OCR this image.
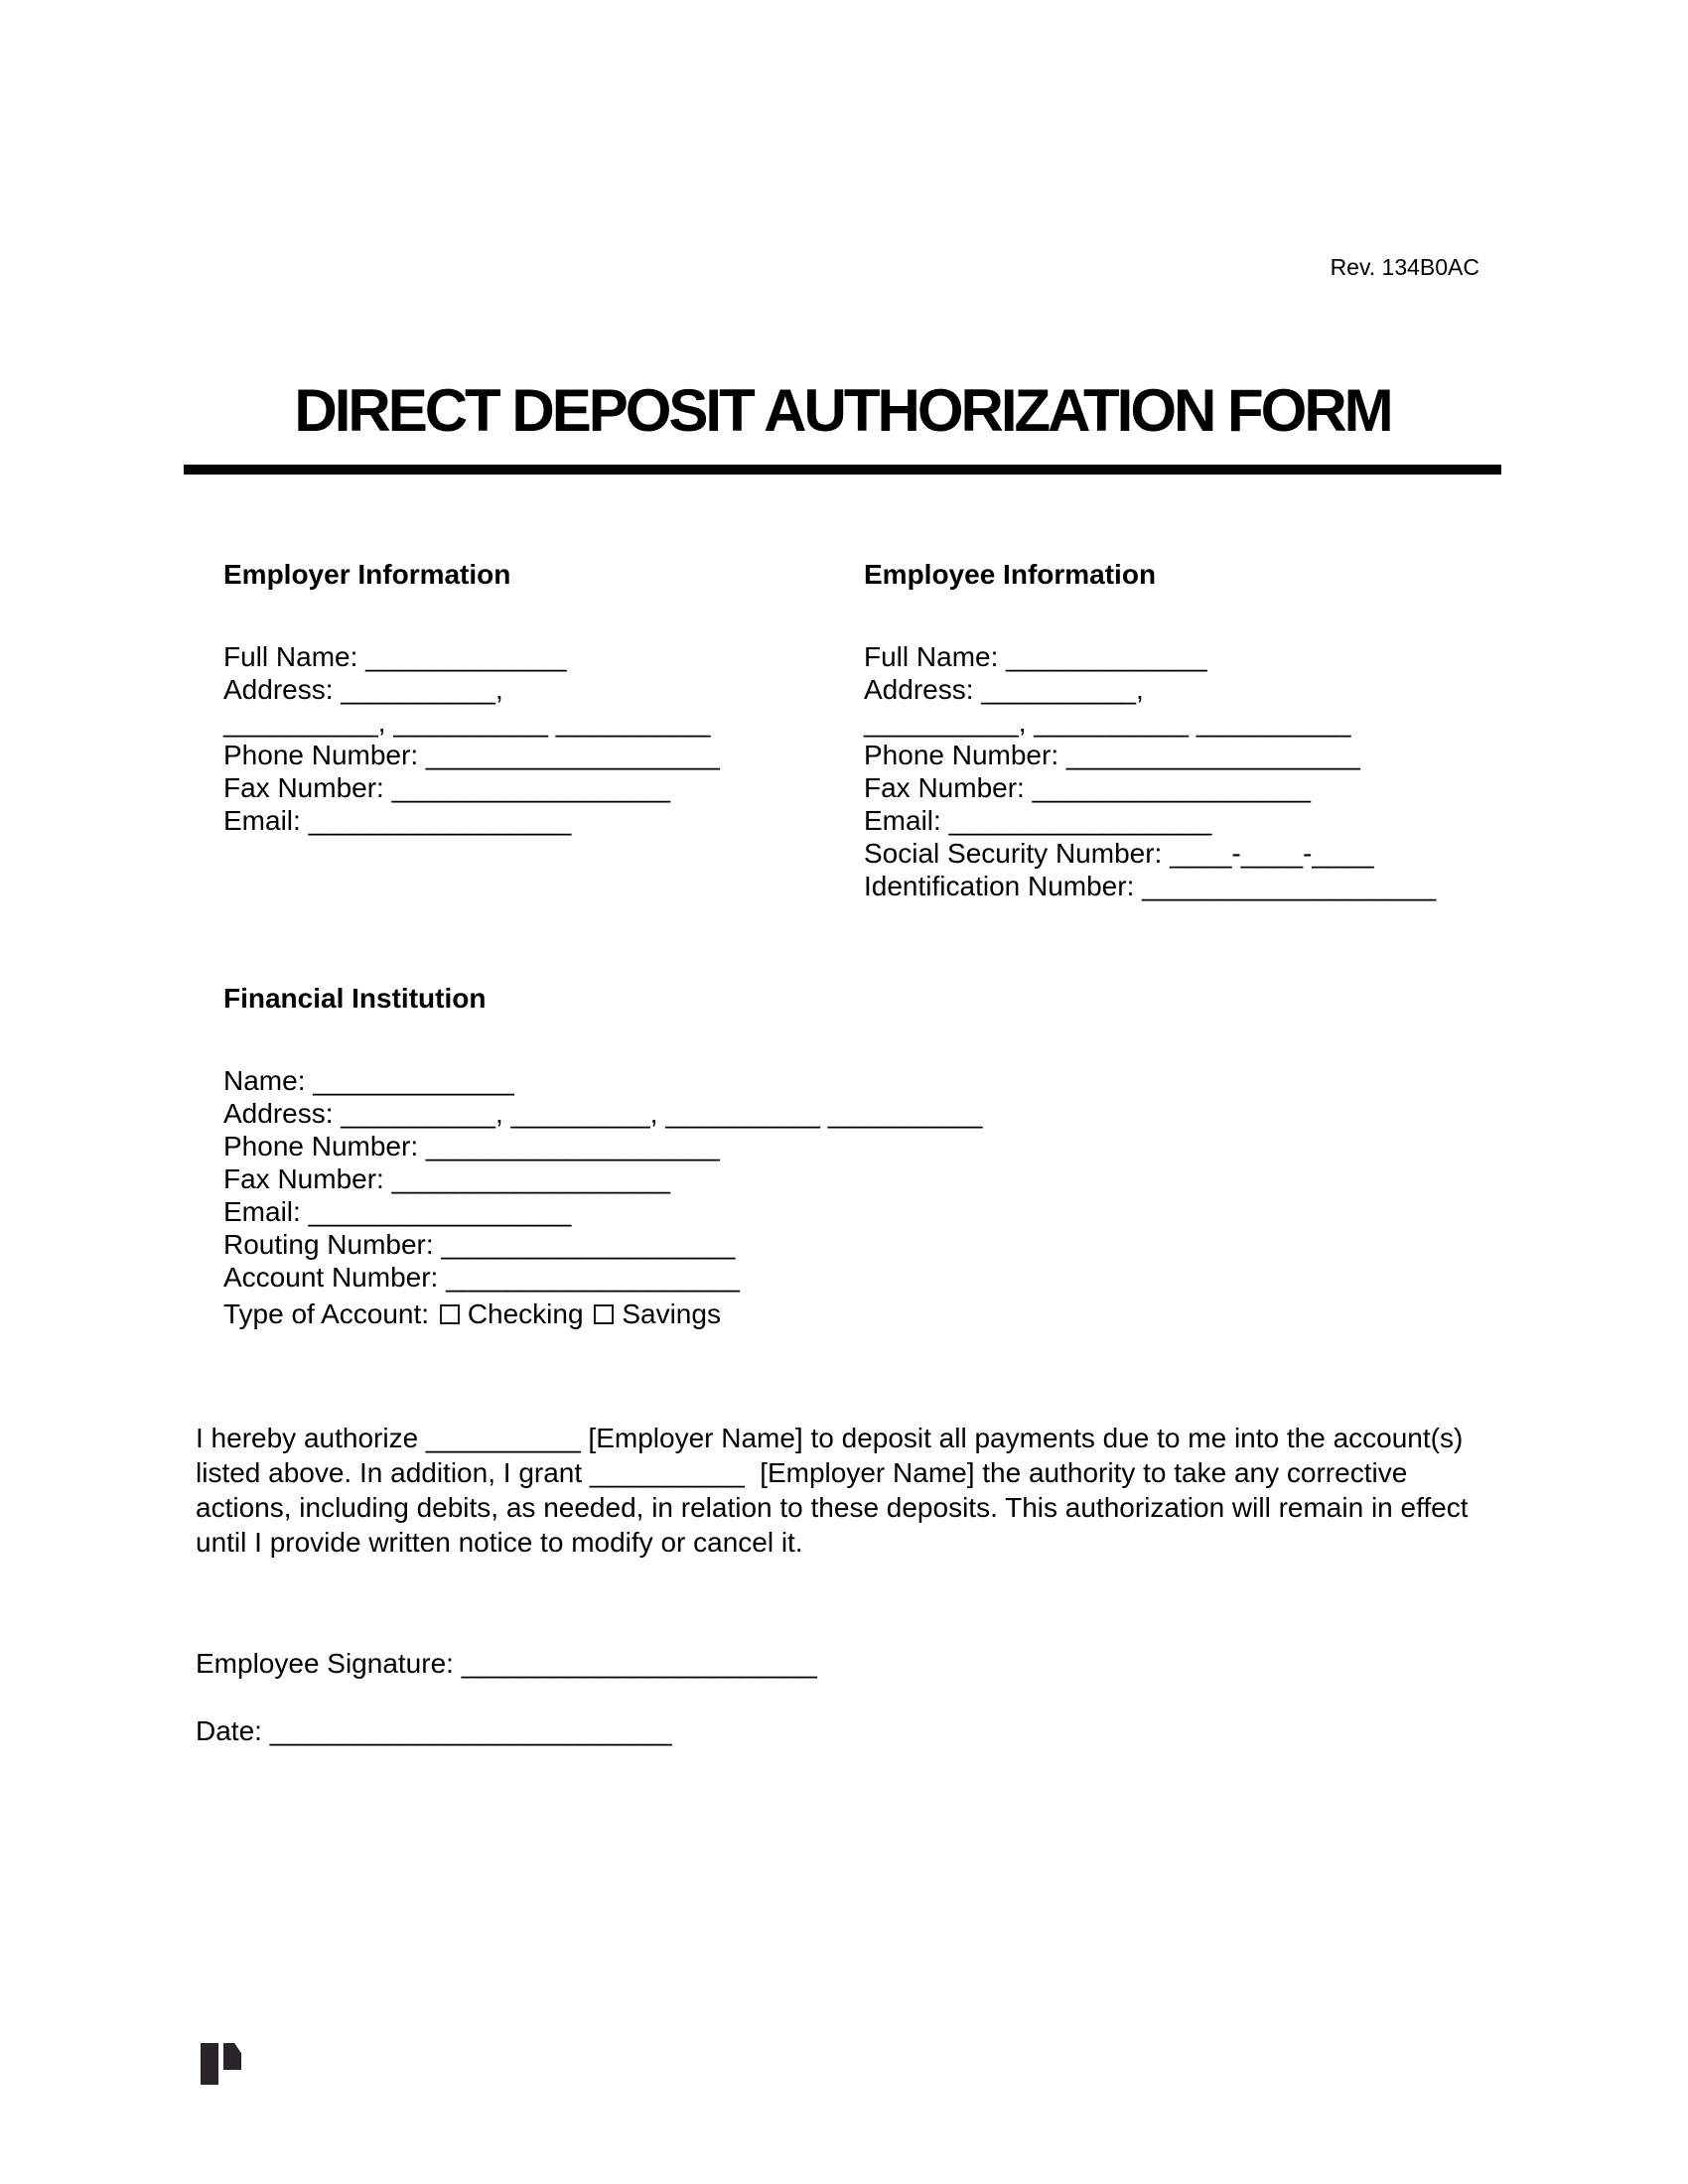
Rev. 134B0AC
DIRECT DEPOSIT AUTHORIZATION FORM
Employer Information
Full Name: _____________
Address: __________,
__________, __________ __________
Phone Number: ___________________
Fax Number: __________________
Email: _________________
Employee Information
Full Name: _____________
Address: __________,
__________, __________ __________
Phone Number: ___________________
Fax Number: __________________
Email: _________________
Social Security Number: ____-____-____
Identification Number: ___________________
Financial Institution
Name: _____________
Address: __________, _________, __________ __________
Phone Number: ___________________
Fax Number: __________________
Email: _________________
Routing Number: ___________________
Account Number: ___________________
Type of Account: Checking Savings
I hereby authorize __________ [Employer Name] to deposit all payments due to me into the account(s)
listed above. In addition, I grant __________  [Employer Name] the authority to take any corrective
actions, including debits, as needed, in relation to these deposits. This authorization will remain in effect
until I provide written notice to modify or cancel it.
Employee Signature: _______________________
Date: __________________________
